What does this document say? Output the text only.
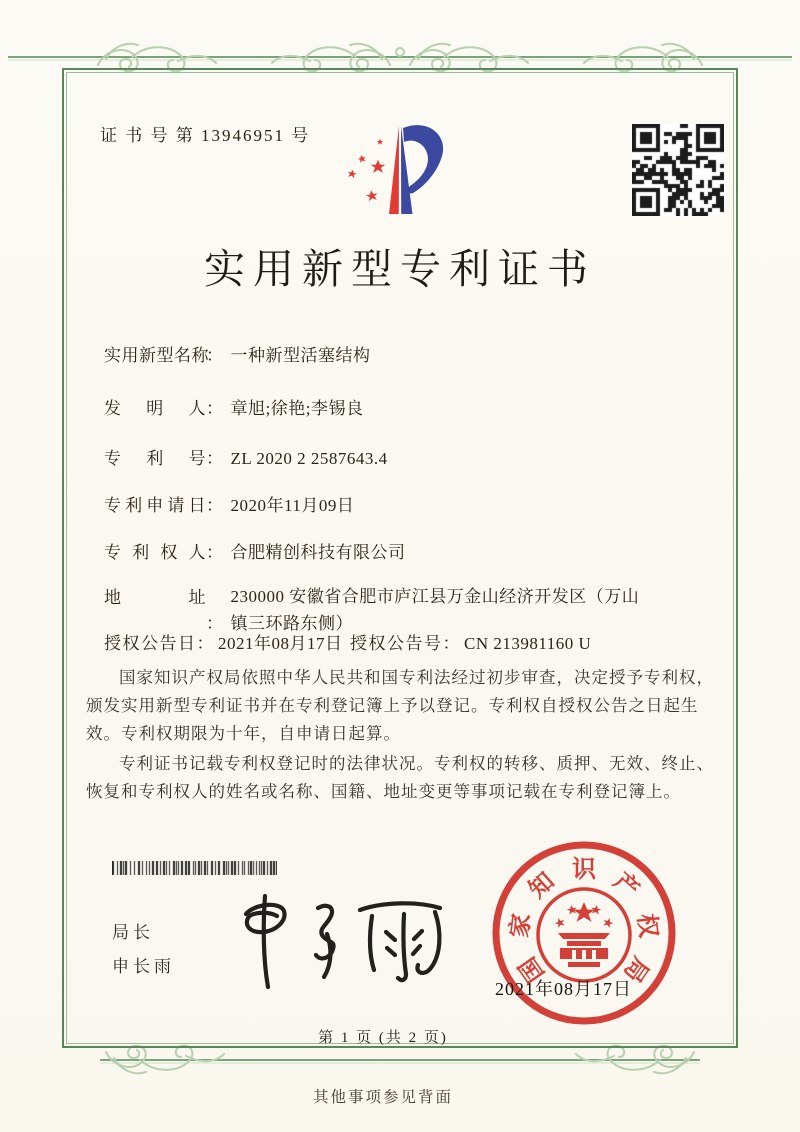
证 书 号 第 13946951 号
实用新型专利证书
实用新型名称： 一种新型活塞结构
发明人： 章旭;徐艳;李锡良
专利号： ZL 2020 2 2587643.4
专利申请日： 2020年11月09日
专利权人： 合肥精创科技有限公司
地址：230000 安徽省合肥市庐江县万金山经济开发区（万山镇三环路东侧）
授权公告日： 2021年08月17日 授权公告号： CN 213981160 U

国家知识产权局依照中华人民共和国专利法经过初步审查，决定授予专利权，颁发实用新型专利证书并在专利登记簿上予以登记。专利权自授权公告之日起生效。专利权期限为十年，自申请日起算。

专利证书记载专利权登记时的法律状况。专利权的转移、质押、无效、终止、恢复和专利权人的姓名或名称、国籍、地址变更等事项记载在专利登记簿上。

局长
申长雨	国
家
知 识 产
权
局
2021年08月17日
第 1 页 (共 2 页)
其他事项参见背面
